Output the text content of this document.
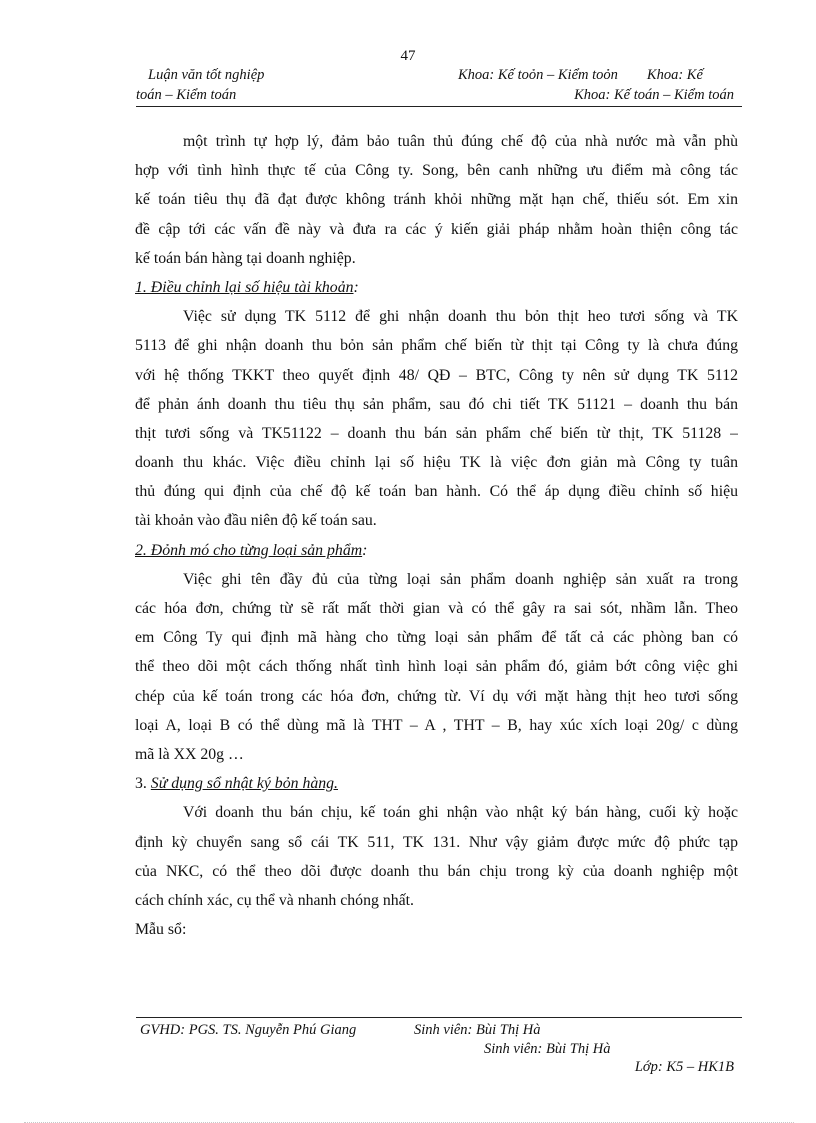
47
Luận văn tốt nghiệp	Khoa: Kế toỏn – Kiểm toỏn        Khoa: Kế
toán – Kiểm toán	Khoa: Kế toán – Kiểm toán
một trình tự hợp lý, đảm bảo tuân thủ đúng chế độ của nhà nước mà vẫn phù
hợp với tình hình thực tế của Công ty. Song, bên canh những ưu điểm mà công tác
kế toán tiêu thụ đã đạt được không tránh khỏi những mặt hạn chế, thiếu sót. Em xin
đề cập tới các vấn đề này và đưa ra các ý kiến giải pháp nhằm hoàn thiện công tác
kế toán bán hàng tại doanh nghiệp.
1. Điều chỉnh lại số hiệu tài khoản:
Việc sử dụng TK 5112 để ghi nhận doanh thu bỏn thịt heo tươi sống và TK
5113 để ghi nhận doanh thu bỏn sản phẩm chế biến từ thịt tại Công ty là chưa đúng
với hệ thống TKKT theo quyết định 48/ QĐ – BTC, Công ty nên sử dụng TK 5112
để phản ánh doanh thu tiêu thụ sản phẩm, sau đó chi tiết TK 51121 – doanh thu bán
thịt tươi sống và TK51122 – doanh thu bán sản phẩm chế biến từ thịt, TK 51128 –
doanh thu khác. Việc điều chỉnh lại số hiệu TK là việc đơn giản mà Công ty tuân
thủ đúng qui định của chế độ kế toán ban hành. Có thể áp dụng điều chỉnh số hiệu
tài khoản vào đầu niên độ kế toán sau.
2. Đỏnh mó cho từng loại sản phẩm:
Việc ghi tên đầy đủ của từng loại sản phẩm doanh nghiệp sản xuất ra trong
các hóa đơn, chứng từ sẽ rất mất thời gian và có thể gây ra sai sót, nhầm lẫn. Theo
em Công Ty qui định mã hàng cho từng loại sản phẩm để tất cả các phòng ban có
thể theo dõi một cách thống nhất tình hình loại sản phẩm đó, giảm bớt công việc ghi
chép của kế toán trong các hóa đơn, chứng từ. Ví dụ với mặt hàng thịt heo tươi sống
loại A, loại B có thể dùng mã là THT – A , THT – B, hay xúc xích loại 20g/ c dùng
mã là XX 20g …
3. Sử dụng sổ nhật ký bỏn hàng.
Với doanh thu bán chịu, kế toán ghi nhận vào nhật ký bán hàng, cuối kỳ hoặc
định kỳ chuyển sang sổ cái TK 511, TK 131. Như vậy giảm được mức độ phức tạp
của NKC, có thể theo dõi được doanh thu bán chịu trong kỳ của doanh nghiệp một
cách chính xác, cụ thể và nhanh chóng nhất.
Mẫu sổ:
GVHD: PGS. TS. Nguyễn Phú Giang	Sinh viên: Bùi Thị Hà
Sinh viên: Bùi Thị Hà
Lớp: K5 – HK1B
